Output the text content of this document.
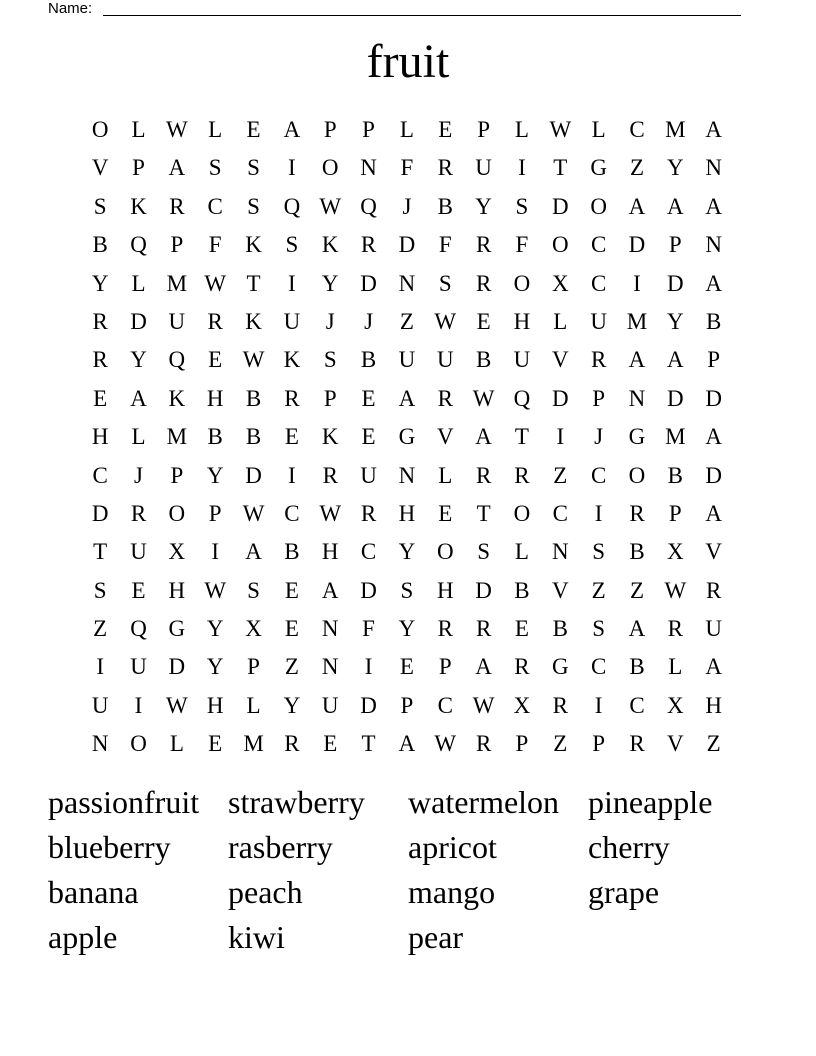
Name:
fruit
O	L W L	E	A	P	P	L	E	P	L W L	C M A
V	P	A	S	S	I	O N	F	R U	I	T	G	Z	Y N
S	K R	C	S	Q W Q	J	B Y	S	D O A A A
B Q	P	F	K	S	K R D	F	R	F	O C D	P	N
Y	L M W T	I	Y D N	S	R O X C	I	D A
R D U R K U	J	J	Z W E	H	L	U M Y B
R Y Q	E W K	S	B U U B U V R A A	P
E	A K H B	R	P	E	A R W Q D	P	N D D
H	L M B	B	E	K	E	G V A	T	I	J	G M A
C	J	P	Y D	I	R U N	L	R	R	Z	C O B D
D R O	P W C W R H	E	T	O C	I	R	P	A
T	U X	I	A B H C Y O	S	L	N	S	B X V
S	E	H W S	E	A D	S	H D B V	Z	Z W R
Z	Q G Y X	E	N	F	Y R	R	E	B	S	A R U
I	U D Y	P	Z	N	I	E	P	A R G C	B	L	A
U	I	W H	L	Y U D	P	C W X R	I	C X H
N O	L	E M R	E	T	A W R	P	Z	P	R V	Z
passionfruit strawberry	watermelon pineapple
blueberry	rasberry	apricot	cherry
banana	peach	mango	grape
apple	kiwi	pear
